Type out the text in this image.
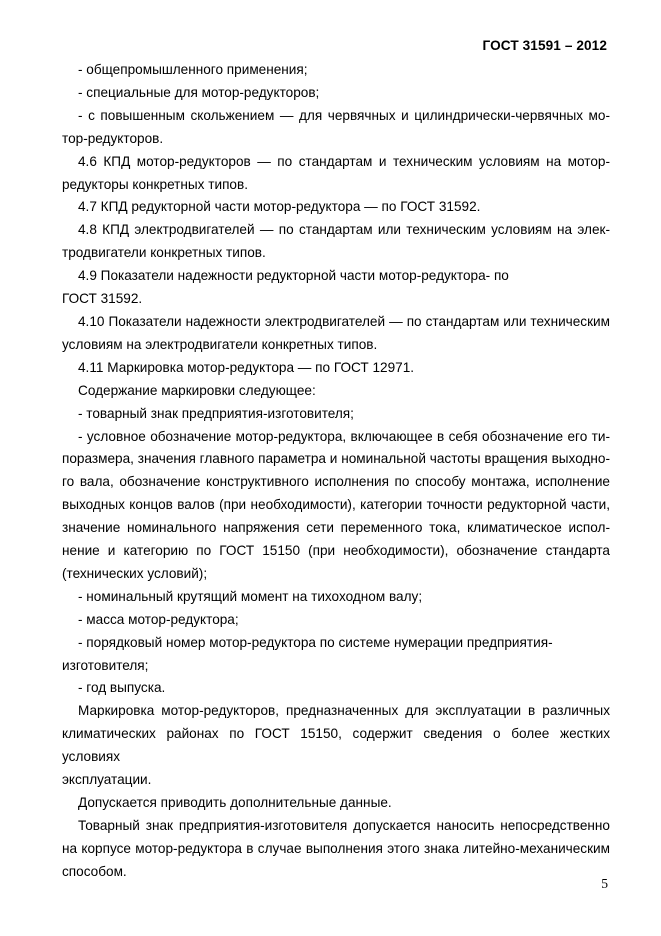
ГОСТ 31591 – 2012

- общепромышленного применения;

- специальные для мотор-редукторов;

- с повышенным скольжением — для червячных и цилиндрически-червячных мо-

тор-редукторов.

4.6 КПД мотор-редукторов — по стандартам и техническим условиям на мотор-

редукторы конкретных типов.

4.7 КПД редукторной части мотор-редуктора — по ГОСТ 31592.

4.8 КПД электродвигателей — по стандартам или техническим условиям на элек-

тродвигатели конкретных типов.

4.9 Показатели надежности редукторной части мотор-редуктора- по

ГОСТ 31592.

4.10 Показатели надежности электродвигателей — по стандартам или техническим

условиям на электродвигатели конкретных типов.

4.11 Маркировка мотор-редуктора — по ГОСТ 12971.

Содержание маркировки следующее:

- товарный знак предприятия-изготовителя;

- условное обозначение мотор-редуктора, включающее в себя обозначение его ти-

поразмера, значения главного параметра и номинальной частоты вращения выходно-

го вала, обозначение конструктивного исполнения по способу монтажа, исполнение

выходных концов валов (при необходимости), категории точности редукторной части,

значение номинального напряжения сети переменного тока, климатическое испол-

нение и категорию по ГОСТ 15150 (при необходимости), обозначение стандарта

(технических условий);

- номинальный крутящий момент на тихоходном валу;

- масса мотор-редуктора;

- порядковый номер мотор-редуктора по системе нумерации предприятия-

изготовителя;

- год выпуска.

Маркировка мотор-редукторов, предназначенных для эксплуатации в различных

климатических районах по ГОСТ 15150, содержит сведения о более жестких условиях

эксплуатации.

Допускается приводить дополнительные данные.

Товарный знак предприятия-изготовителя допускается наносить непосредственно

на корпусе мотор-редуктора в случае выполнения этого знака литейно-механическим

способом.

5
